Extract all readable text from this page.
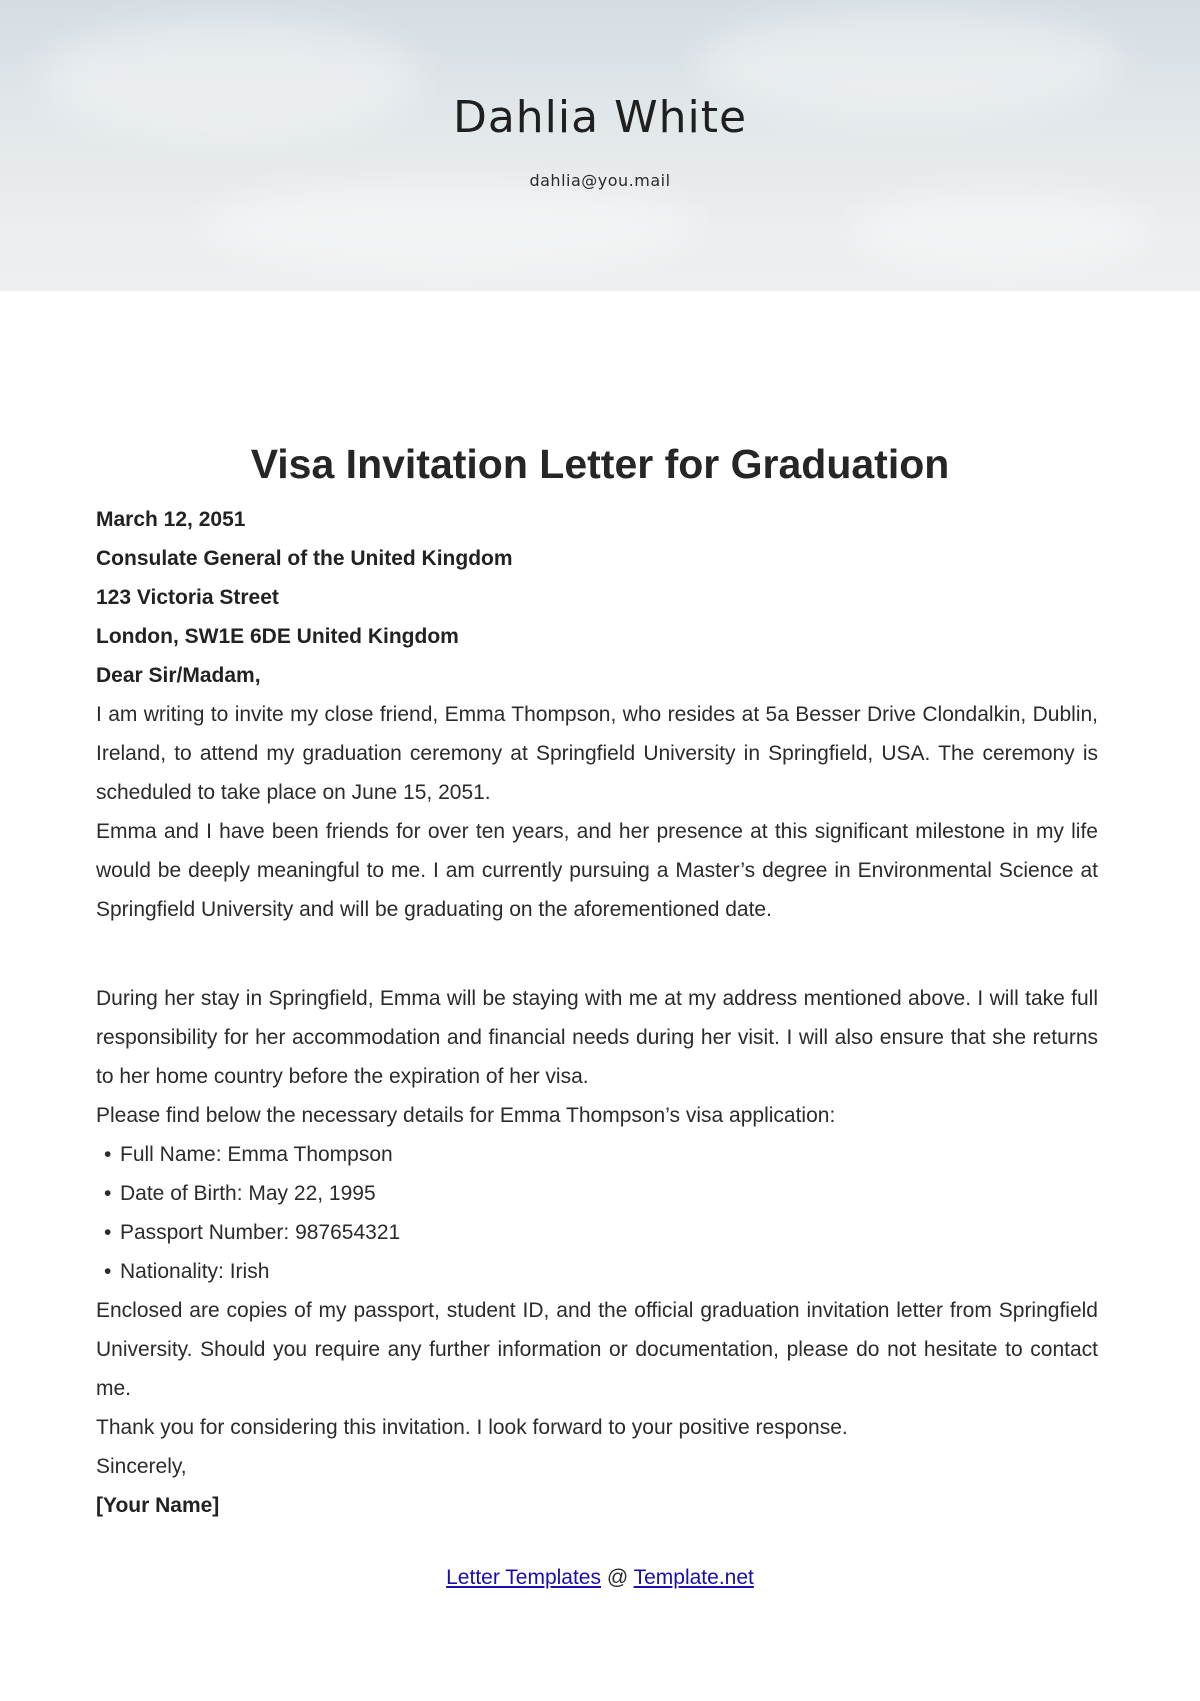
Dahlia White
dahlia@you.mail
Visa Invitation Letter for Graduation

March 12, 2051

Consulate General of the United Kingdom

123 Victoria Street

London, SW1E 6DE United Kingdom

Dear Sir/Madam,

I am writing to invite my close friend, Emma Thompson, who resides at 5a Besser Drive Clondalkin, Dublin, Ireland, to attend my graduation ceremony at Springfield University in Springfield, USA. The ceremony is scheduled to take place on June 15, 2051.

Emma and I have been friends for over ten years, and her presence at this significant milestone in my life would be deeply meaningful to me. I am currently pursuing a Master’s degree in Environmental Science at Springfield University and will be graduating on the aforementioned date.

During her stay in Springfield, Emma will be staying with me at my address mentioned above. I will take full responsibility for her accommodation and financial needs during her visit. I will also ensure that she returns to her home country before the expiration of her visa.

Please find below the necessary details for Emma Thompson’s visa application:

• Full Name: Emma Thompson
• Date of Birth: May 22, 1995
• Passport Number: 987654321
• Nationality: Irish

Enclosed are copies of my passport, student ID, and the official graduation invitation letter from Springfield University. Should you require any further information or documentation, please do not hesitate to contact me.

Thank you for considering this invitation. I look forward to your positive response.

Sincerely,

[Your Name]

Letter Templates @ Template.net
